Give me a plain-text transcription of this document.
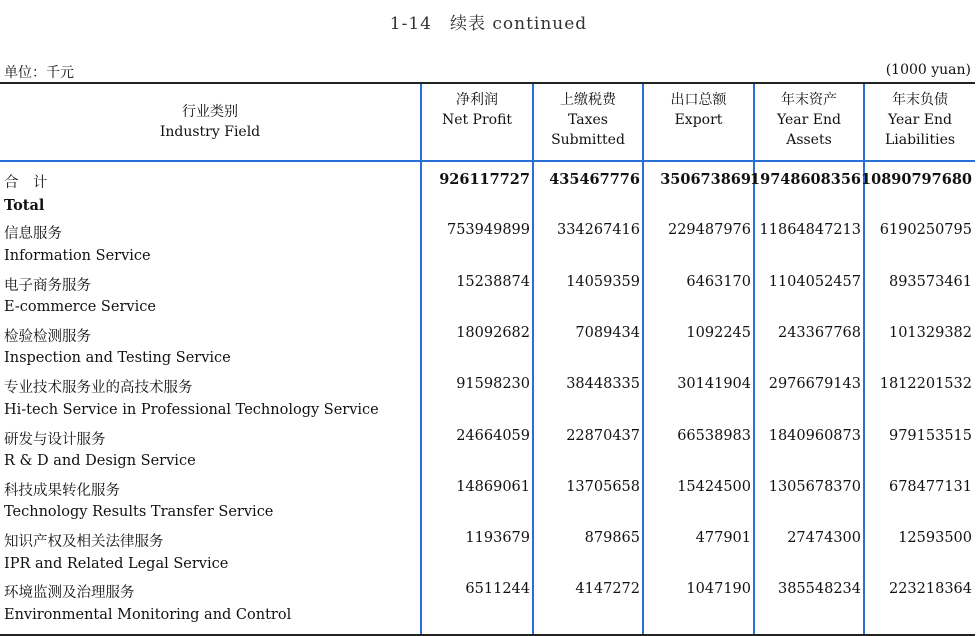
1-14　续表 continued
单位：千元	(1000 yuan)
行业类别
Industry Field
净利润
Net Profit
上缴税费
Taxes
Submitted
出口总额
Export
年末资产
Year End
Assets
年末负债
Year End
Liabilities
合　计
Total
926117727 435467776 350673869 19748608356 10890797680
信息服务
Information Service
753949899 334267416 229487976 11864847213 6190250795
电子商务服务
E-commerce Service
15238874 14059359	6463170 1104052457 893573461
检验检测服务
Inspection and Testing Service
18092682	7089434	1092245 243367768 101329382
专业技术服务业的高技术服务
Hi-tech Service in Professional Technology Service
91598230 38448335	30141904 2976679143 1812201532
研发与设计服务
R & D and Design Service
24664059 22870437	66538983 1840960873 979153515
科技成果转化服务
Technology Results Transfer Service
14869061 13705658	15424500 1305678370 678477131
知识产权及相关法律服务
IPR and Related Legal Service
1193679	879865	477901 27474300	12593500
环境监测及治理服务
Environmental Monitoring and Control
6511244	4147272	1047190 385548234 223218364
